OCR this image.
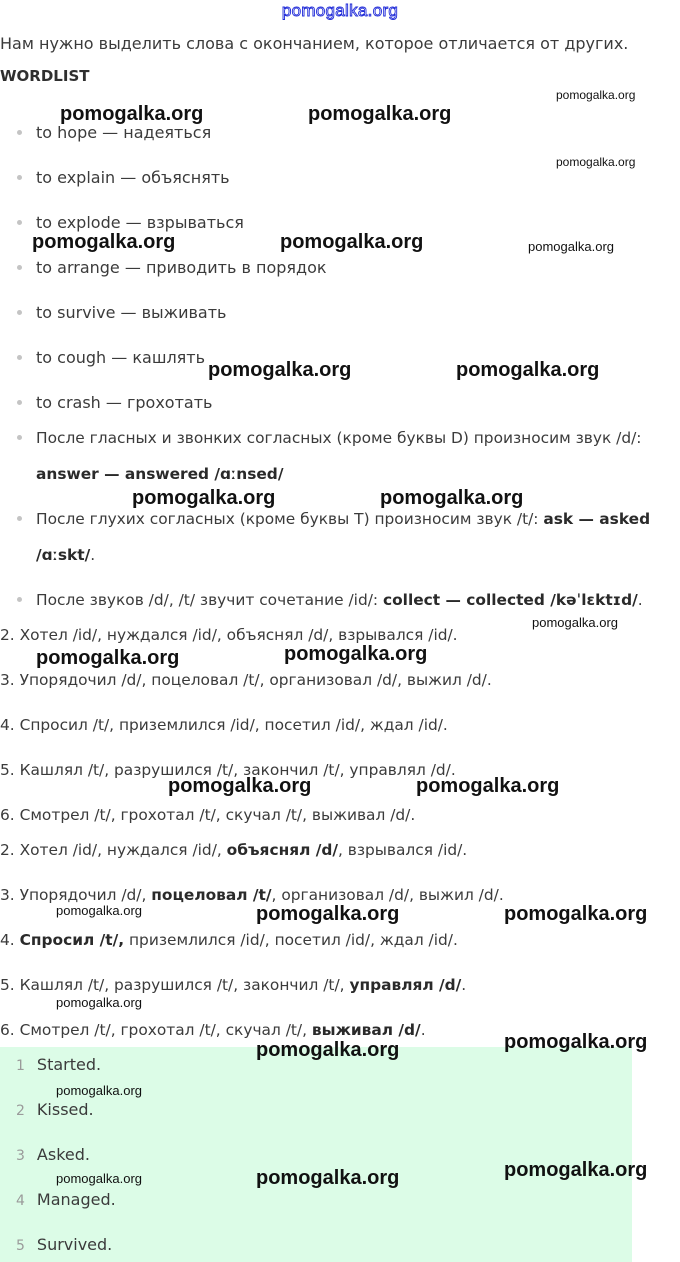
pomogalka.org
Нам нужно выделить слова с окончанием, которое отличается от других.
WORDLIST
to hope — надеяться
to explain — объяснять
to explode — взрываться
to arrange — приводить в порядок
to survive — выживать
to cough — кашлять
to crash — грохотать
После гласных и звонких согласных (кроме буквы D) произносим звук /d/:
answer — answered /ɑːnsed/
После глухих согласных (кроме буквы T) произносим звук /t/: ask — asked
/ɑːskt/.
После звуков /d/, /t/ звучит сочетание /id/: collect — collected /kəˈlɛktɪd/.
2. Хотел /id/, нуждался /id/, объяснял /d/, взрывался /id/.
3. Упорядочил /d/, поцеловал /t/, организовал /d/, выжил /d/.
4. Спросил /t/, приземлился /id/, посетил /id/, ждал /id/.
5. Кашлял /t/, разрушился /t/, закончил /t/, управлял /d/.
6. Смотрел /t/, грохотал /t/, скучал /t/, выживал /d/.
2. Хотел /id/, нуждался /id/, объяснял /d/, взрывался /id/.
3. Упорядочил /d/, поцеловал /t/, организовал /d/, выжил /d/.
4. Спросил /t/, приземлился /id/, посетил /id/, ждал /id/.
5. Кашлял /t/, разрушился /t/, закончил /t/, управлял /d/.
6. Смотрел /t/, грохотал /t/, скучал /t/, выживал /d/.
1 Started.
2 Kissed.
3 Asked.
4 Managed.
5 Survived.
pomogalka.org	pomogalka.org
pomogalka.org
pomogalka.org
pomogalka.org	pomogalka.org	pomogalka.org
pomogalka.org	pomogalka.org
pomogalka.org	pomogalka.org
pomogalka.org
pomogalka.org	pomogalka.org
pomogalka.org	pomogalka.org
pomogalka.org	pomogalka.org	pomogalka.org
pomogalka.org
pomogalka.org	pomogalka.org
pomogalka.org
pomogalka.org	pomogalka.org	pomogalka.org
